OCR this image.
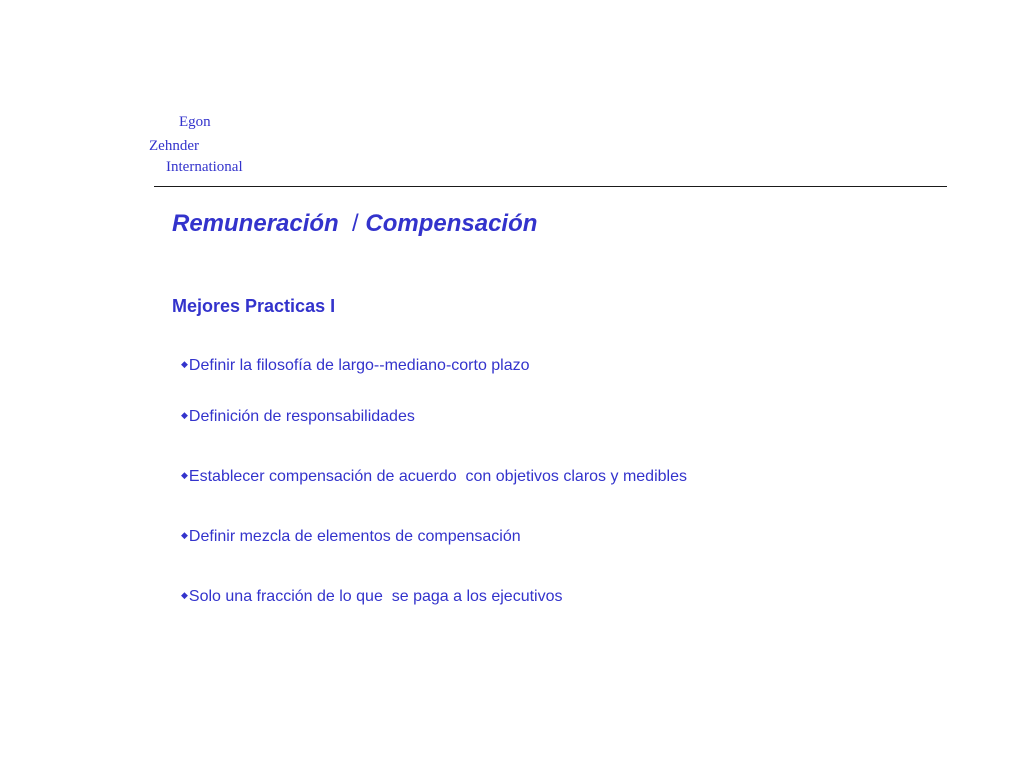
Egon
Zehnder
International
Remuneración  / Compensación
Mejores Practicas I
◆Definir la filosofía de largo--mediano-corto plazo
◆Definición de responsabilidades
◆Establecer compensación de acuerdo  con objetivos claros y medibles
◆Definir mezcla de elementos de compensación
◆Solo una fracción de lo que  se paga a los ejecutivos
